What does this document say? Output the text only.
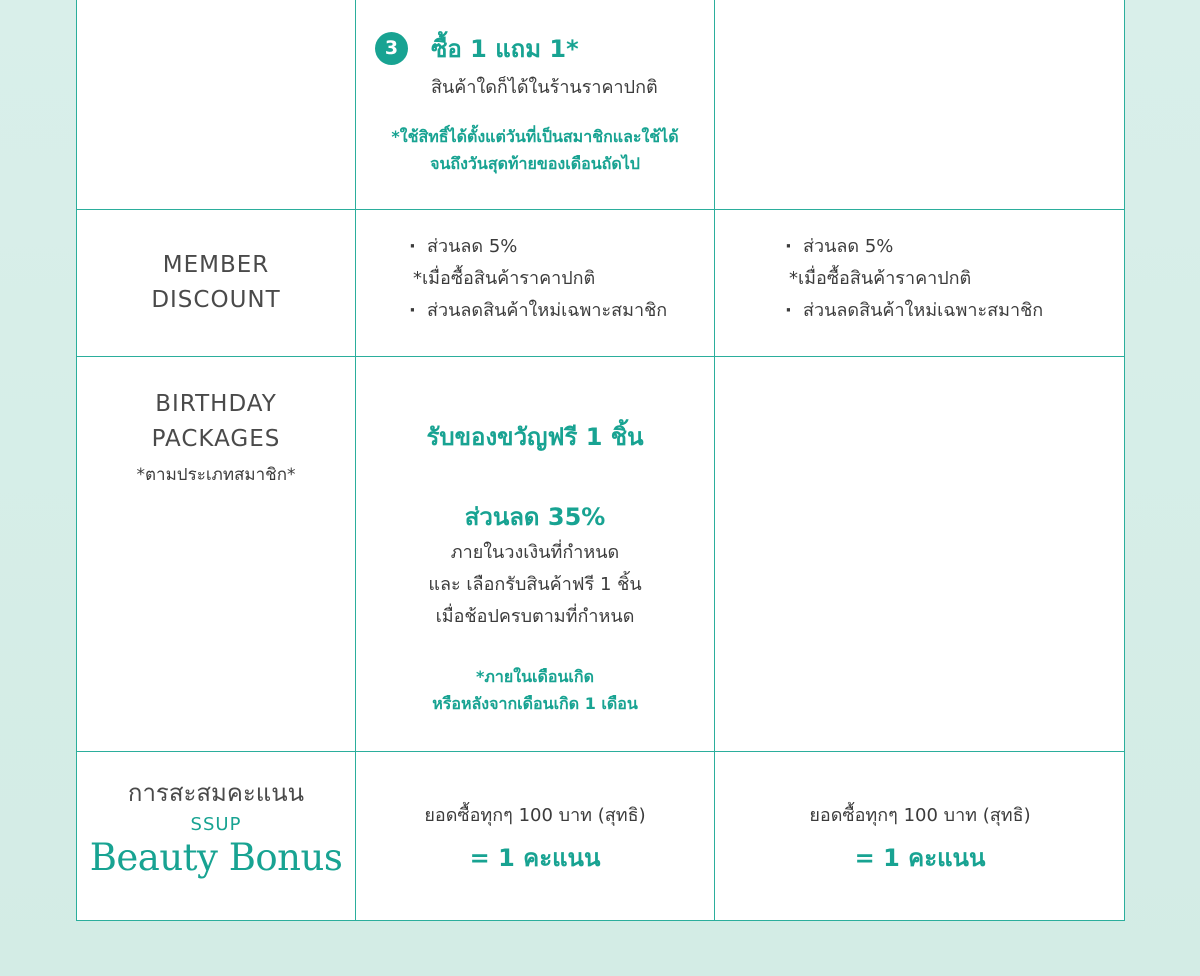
3 ซื้อ 1 แถม 1*
สินค้าใดก็ได้ในร้านราคาปกติ
*ใช้สิทธิ์ได้ตั้งแต่วันที่เป็นสมาชิกและใช้ได้
จนถึงวันสุดท้ายของเดือนถัดไป
MEMBER
DISCOUNT
· ส่วนลด 5%
*เมื่อซื้อสินค้าราคาปกติ
· ส่วนลดสินค้าใหม่เฉพาะสมาชิก
· ส่วนลด 5%
*เมื่อซื้อสินค้าราคาปกติ
· ส่วนลดสินค้าใหม่เฉพาะสมาชิก
BIRTHDAY
PACKAGES
*ตามประเภทสมาชิก*
รับของขวัญฟรี 1 ชิ้น
ส่วนลด 35%
ภายในวงเงินที่กำหนด
และ เลือกรับสินค้าฟรี 1 ชิ้น
เมื่อช้อปครบตามที่กำหนด
*ภายในเดือนเกิด
หรือหลังจากเดือนเกิด 1 เดือน
การสะสมคะแนน
SSUP
Beauty Bonus
ยอดซื้อทุกๆ 100 บาท (สุทธิ)
= 1 คะแนน
ยอดซื้อทุกๆ 100 บาท (สุทธิ)
= 1 คะแนน
